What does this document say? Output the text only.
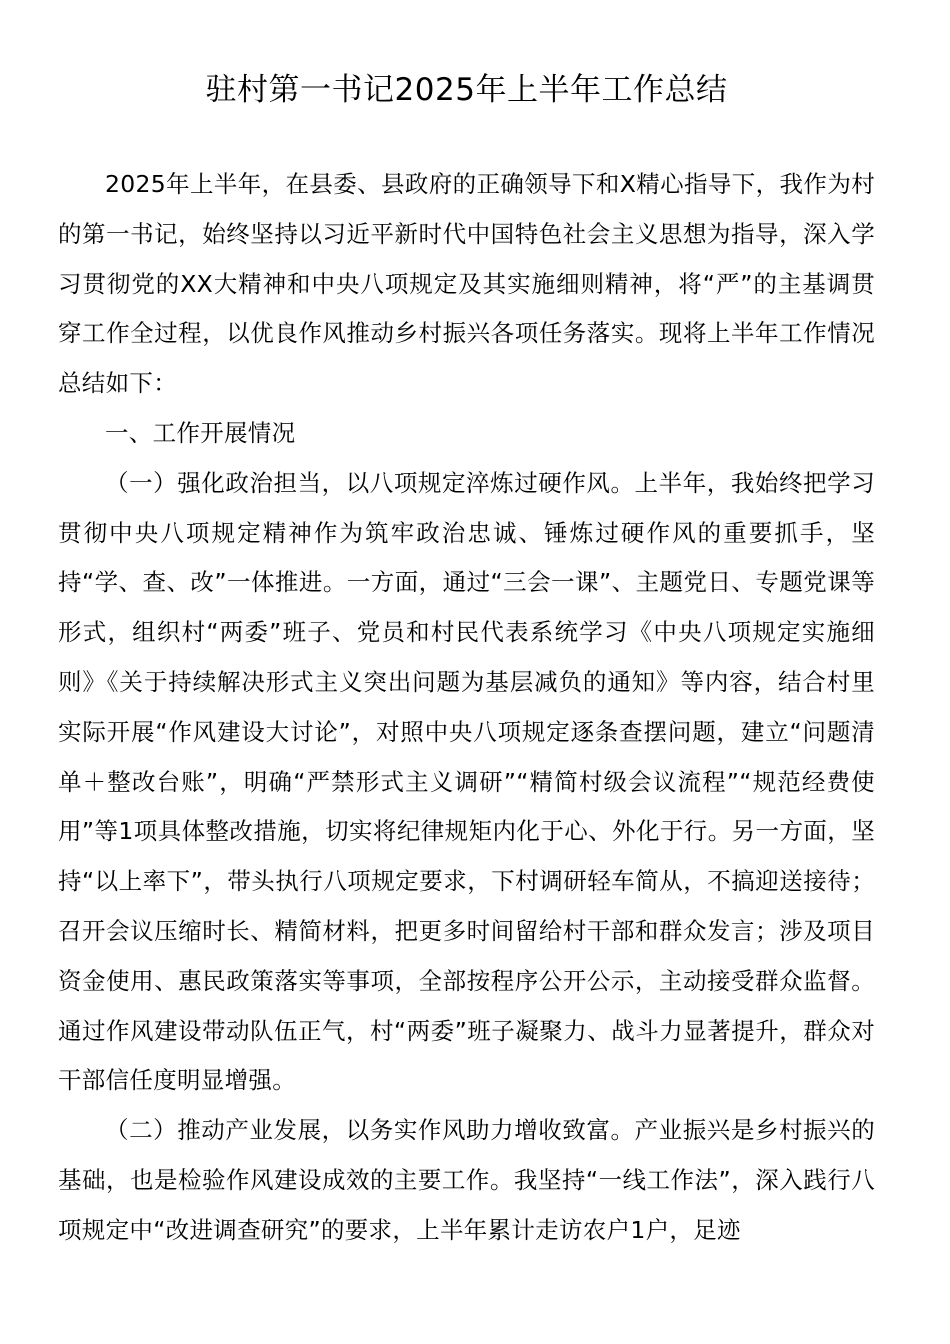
驻村第一书记2025年上半年工作总结

2025年上半年，在县委、县政府的正确领导下和X精心指导下，我作为村的第一书记，始终坚持以习近平新时代中国特色社会主义思想为指导，深入学习贯彻党的XX大精神和中央八项规定及其实施细则精神，将“严”的主基调贯穿工作全过程，以优良作风推动乡村振兴各项任务落实。现将上半年工作情况总结如下：

一、工作开展情况

（一）强化政治担当，以八项规定淬炼过硬作风。上半年，我始终把学习贯彻中央八项规定精神作为筑牢政治忠诚、锤炼过硬作风的重要抓手，坚持“学、查、改”一体推进。一方面，通过“三会一课”、主题党日、专题党课等形式，组织村“两委”班子、党员和村民代表系统学习《中央八项规定实施细则》《关于持续解决形式主义突出问题为基层减负的通知》等内容，结合村里实际开展“作风建设大讨论”，对照中央八项规定逐条查摆问题，建立“问题清单＋整改台账”，明确“严禁形式主义调研”“精简村级会议流程”“规范经费使用”等1项具体整改措施，切实将纪律规矩内化于心、外化于行。另一方面，坚持“以上率下”，带头执行八项规定要求，下村调研轻车简从，不搞迎送接待；召开会议压缩时长、精简材料，把更多时间留给村干部和群众发言；涉及项目资金使用、惠民政策落实等事项，全部按程序公开公示，主动接受群众监督。通过作风建设带动队伍正气，村“两委”班子凝聚力、战斗力显著提升，群众对干部信任度明显增强。

（二）推动产业发展，以务实作风助力增收致富。产业振兴是乡村振兴的基础，也是检验作风建设成效的主要工作。我坚持“一线工作法”，深入践行八项规定中“改进调查研究”的要求，上半年累计走访农户1户，足迹
